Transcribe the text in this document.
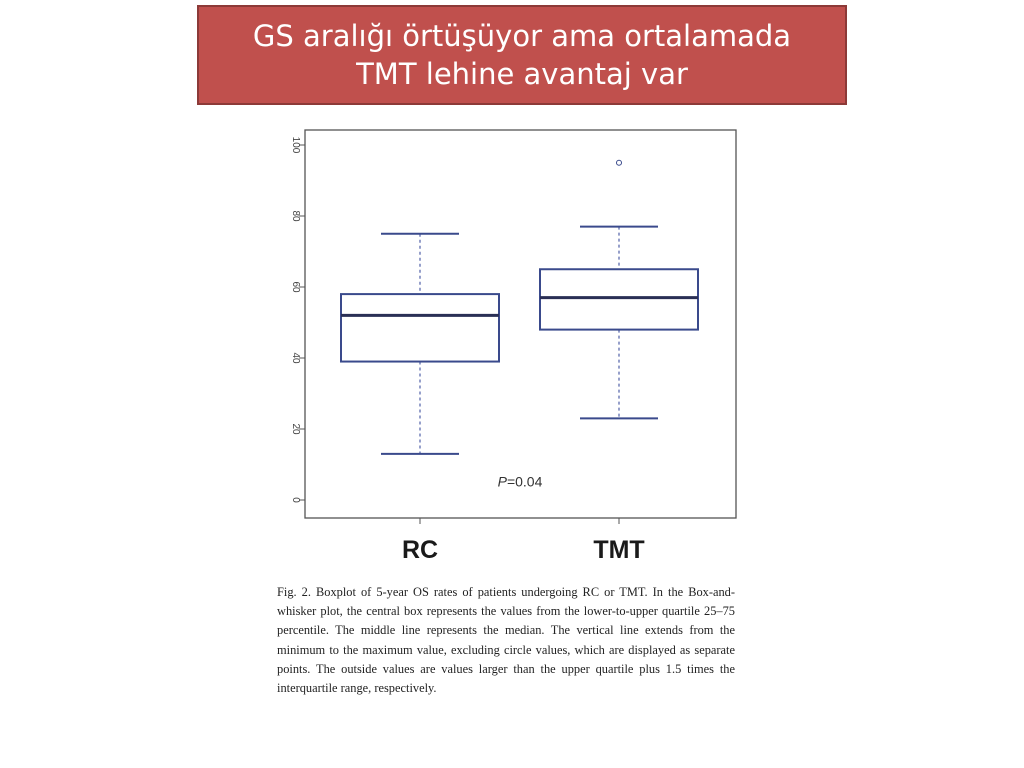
GS aralığı örtüşüyor ama ortalamada TMT lehine avantaj var

0
20
40
60
80
100
RC	TMT
P=0.04

Fig. 2. Boxplot of 5-year OS rates of patients undergoing RC or TMT. In the Box-and-whisker plot, the central box represents the values from the lower-to-upper quartile 25–75 percentile. The middle line represents the median. The vertical line extends from the minimum to the maximum value, excluding circle values, which are displayed as separate points. The outside values are values larger than the upper quartile plus 1.5 times the interquartile range, respectively.
